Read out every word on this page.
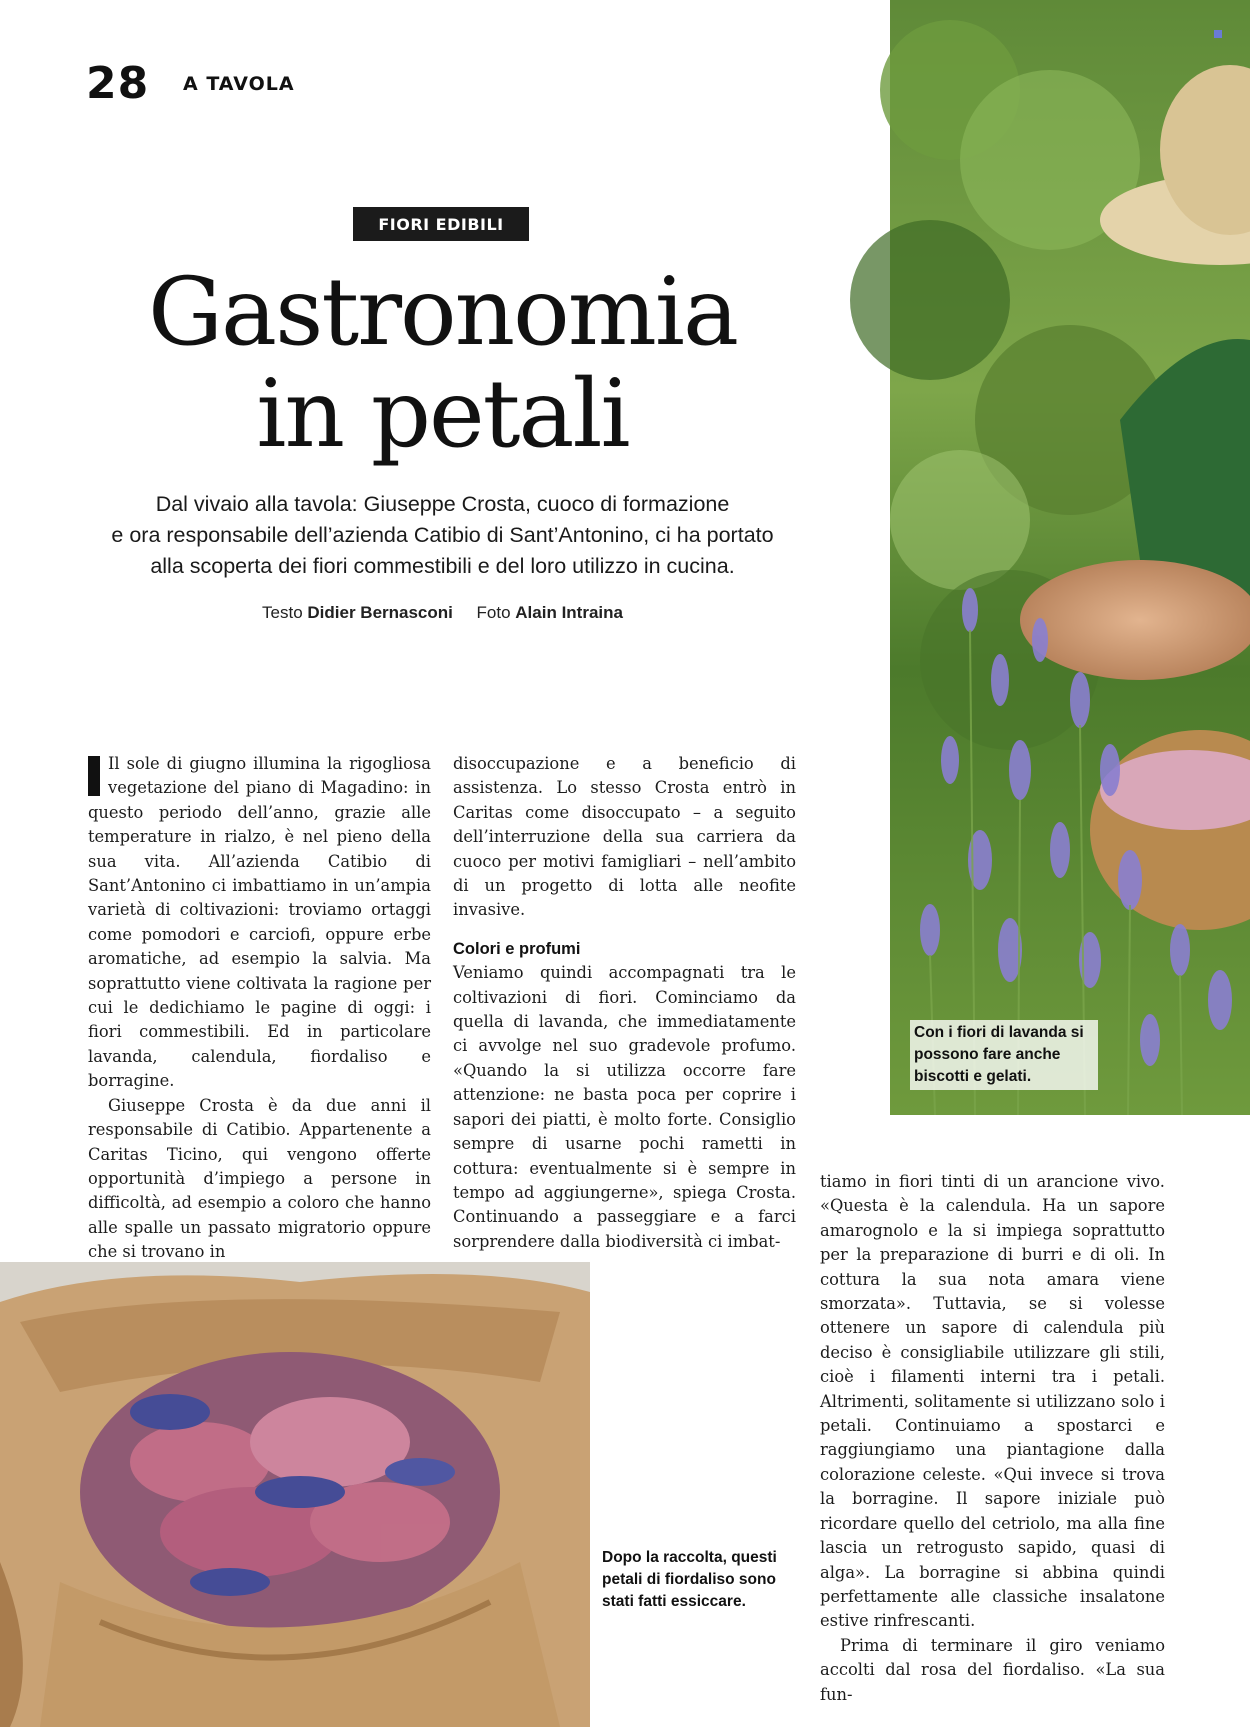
28 A TAVOLA
FIORI EDIBILI
Gastronomia
in petali
Dal vivaio alla tavola: Giuseppe Crosta, cuoco di formazione
e ora responsabile dell’azienda Catibio di Sant’Antonino, ci ha portato
alla scoperta dei fiori commestibili e del loro utilizzo in cucina.
Testo Didier Bernasconi Foto Alain Intraina

Il sole di giugno illumina la rigogliosa vegetazione del piano di Magadino: in questo periodo dell’anno, grazie alle temperature in rialzo, è nel pieno della sua vita. All’azienda Catibio di Sant’Antonino ci imbattiamo in un’ampia varietà di coltivazioni: troviamo ortaggi come pomodori e carciofi, oppure erbe aromatiche, ad esempio la salvia. Ma soprattutto viene coltivata la ragione per cui le dedichiamo le pagine di oggi: i fiori commestibili. Ed in particolare lavanda, calendula, fiordaliso e borragine.

Giuseppe Crosta è da due anni il responsabile di Catibio. Appartenente a Caritas Ticino, qui vengono offerte opportunità d’impiego a persone in difficoltà, ad esempio a coloro che hanno alle spalle un passato migratorio oppure che si trovano in

disoccupazione e a beneficio di assistenza. Lo stesso Crosta entrò in Caritas come disoccupato – a seguito dell’interruzione della sua carriera da cuoco per motivi famigliari – nell’ambito di un progetto di lotta alle neofite invasive.

Colori e profumi

Veniamo quindi accompagnati tra le coltivazioni di fiori. Cominciamo da quella di lavanda, che immediatamente ci avvolge nel suo gradevole profumo. «Quando la si utilizza occorre fare attenzione: ne basta poca per coprire i sapori dei piatti, è molto forte. Consiglio sempre di usarne pochi rametti in cottura: eventualmente si è sempre in tempo ad aggiungerne», spiega Crosta. Continuando a passeggiare e a farci sorprendere dalla biodiversità ci imbat-

tiamo in fiori tinti di un arancione vivo. «Questa è la calendula. Ha un sapore amarognolo e la si impiega soprattutto per la preparazione di burri e di oli. In cottura la sua nota amara viene smorzata». Tuttavia, se si volesse ottenere un sapore di calendula più deciso è consigliabile utilizzare gli stili, cioè i filamenti interni tra i petali. Altrimenti, solitamente si utilizzano solo i petali. Continuiamo a spostarci e raggiungiamo una piantagione dalla colorazione celeste. «Qui invece si trova la borragine. Il sapore iniziale può ricordare quello del cetriolo, ma alla fine lascia un retrogusto sapido, quasi di alga». La borragine si abbina quindi perfettamente alle classiche insalatone estive rinfrescanti.

Prima di terminare il giro veniamo accolti dal rosa del fiordaliso. «La sua fun-

Con i fiori di lavanda si possono fare anche biscotti e gelati.
Dopo la raccolta, questi petali di fiordaliso sono stati fatti essiccare.
